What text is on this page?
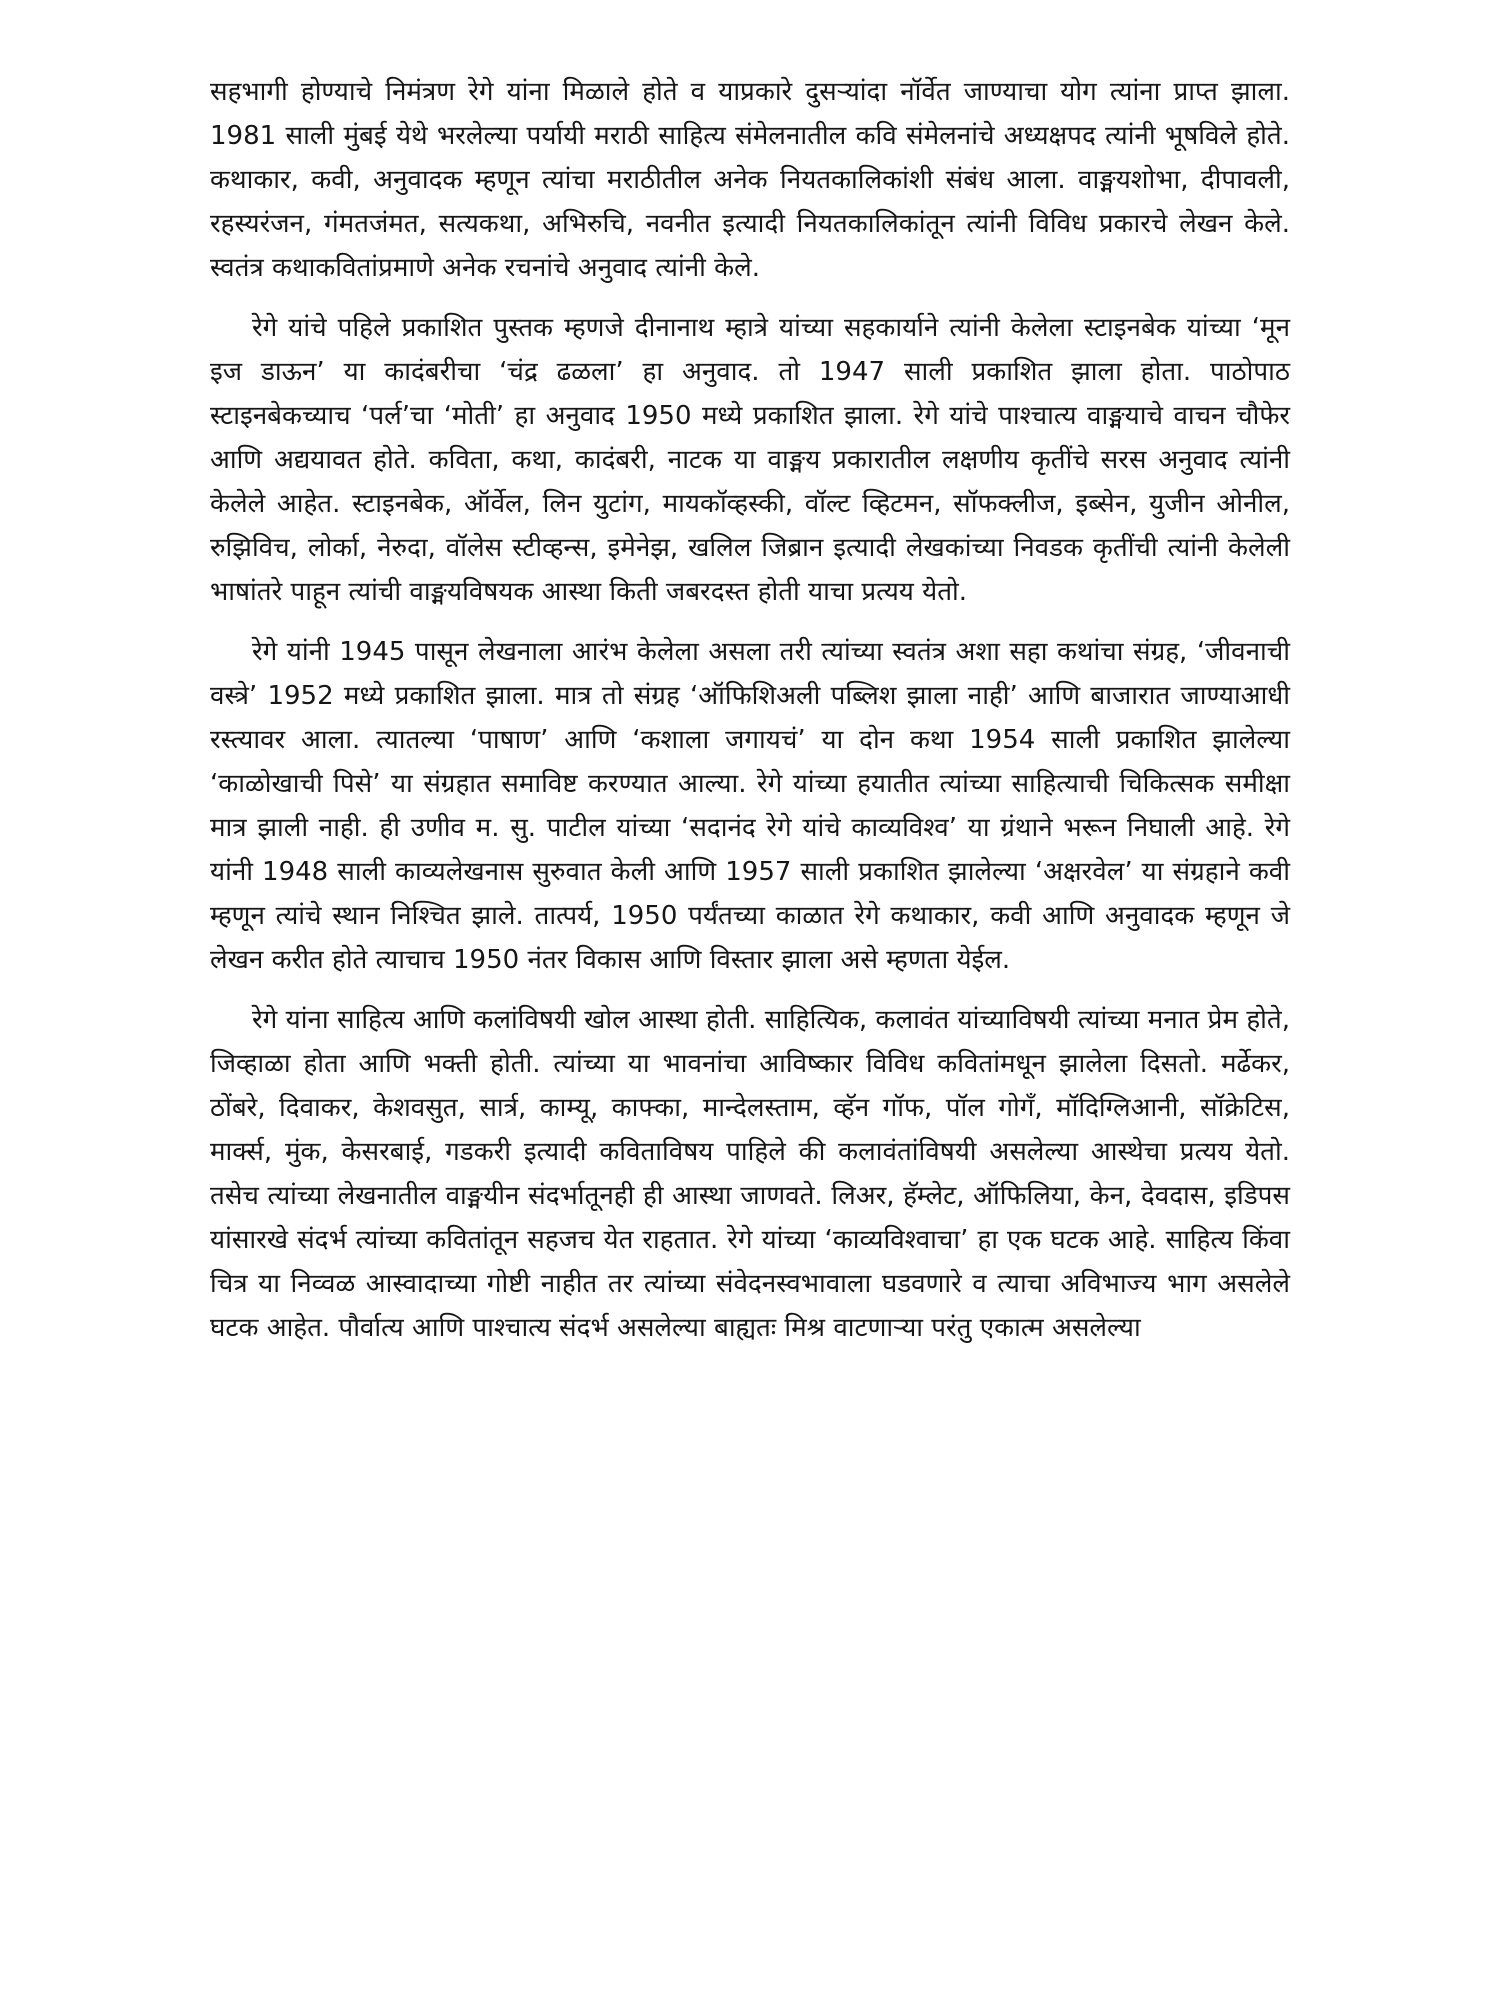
सहभागी होण्याचे निमंत्रण रेगे यांना मिळाले होते व याप्रकारे दुसऱ्यांदा नॉर्वेत जाण्याचा योग त्यांना प्राप्त झाला. 1981 साली मुंबई येथे भरलेल्या पर्यायी मराठी साहित्य संमेलनातील कवि संमेलनांचे अध्यक्षपद त्यांनी भूषविले होते. कथाकार, कवी, अनुवादक म्हणून त्यांचा मराठीतील अनेक नियतकालिकांशी संबंध आला. वाङ्मयशोभा, दीपावली, रहस्यरंजन, गंमतजंमत, सत्यकथा, अभिरुचि, नवनीत इत्यादी नियतकालिकांतून त्यांनी विविध प्रकारचे लेखन केले. स्वतंत्र कथाकवितांप्रमाणे अनेक रचनांचे अनुवाद त्यांनी केले.

रेगे यांचे पहिले प्रकाशित पुस्तक म्हणजे दीनानाथ म्हात्रे यांच्या सहकार्याने त्यांनी केलेला स्टाइनबेक यांच्या ‘मून इज डाऊन’ या कादंबरीचा ‘चंद्र ढळला’ हा अनुवाद. तो 1947 साली प्रकाशित झाला होता. पाठोपाठ स्टाइनबेकच्याच ‘पर्ल’चा ‘मोती’ हा अनुवाद 1950 मध्ये प्रकाशित झाला. रेगे यांचे पाश्चात्य वाङ्मयाचे वाचन चौफेर आणि अद्ययावत होते. कविता, कथा, कादंबरी, नाटक या वाङ्मय प्रकारातील लक्षणीय कृतींचे सरस अनुवाद त्यांनी केलेले आहेत. स्टाइनबेक, ऑर्वेल, लिन युटांग, मायकॉव्हस्की, वॉल्ट व्हिटमन, सॉफक्लीज, इब्सेन, युजीन ओनील, रुझिविच, लोर्का, नेरुदा, वॉलेस स्टीव्हन्स, इमेनेझ, खलिल जिब्रान इत्यादी लेखकांच्या निवडक कृतींची त्यांनी केलेली भाषांतरे पाहून त्यांची वाङ्मयविषयक आस्था किती जबरदस्त होती याचा प्रत्यय येतो.

रेगे यांनी 1945 पासून लेखनाला आरंभ केलेला असला तरी त्यांच्या स्वतंत्र अशा सहा कथांचा संग्रह, ‘जीवनाची वस्त्रे’ 1952 मध्ये प्रकाशित झाला. मात्र तो संग्रह ‘ऑफिशिअली पब्लिश झाला नाही’ आणि बाजारात जाण्याआधी रस्त्यावर आला. त्यातल्या ‘पाषाण’ आणि ‘कशाला जगायचं’ या दोन कथा 1954 साली प्रकाशित झालेल्या ‘काळोखाची पिसे’ या संग्रहात समाविष्ट करण्यात आल्या. रेगे यांच्या हयातीत त्यांच्या साहित्याची चिकित्सक समीक्षा मात्र झाली नाही. ही उणीव म. सु. पाटील यांच्या ‘सदानंद रेगे यांचे काव्यविश्व’ या ग्रंथाने भरून निघाली आहे. रेगे यांनी 1948 साली काव्यलेखनास सुरुवात केली आणि 1957 साली प्रकाशित झालेल्या ‘अक्षरवेल’ या संग्रहाने कवी म्हणून त्यांचे स्थान निश्चित झाले. तात्पर्य, 1950 पर्यंतच्या काळात रेगे कथाकार, कवी आणि अनुवादक म्हणून जे लेखन करीत होते त्याचाच 1950 नंतर विकास आणि विस्तार झाला असे म्हणता येईल.

रेगे यांना साहित्य आणि कलांविषयी खोल आस्था होती. साहित्यिक, कलावंत यांच्याविषयी त्यांच्या मनात प्रेम होते, जिव्हाळा होता आणि भक्ती होती. त्यांच्या या भावनांचा आविष्कार विविध कवितांमधून झालेला दिसतो. मर्ढेकर, ठोंबरे, दिवाकर, केशवसुत, सार्त्र, काम्यू, काफ्का, मान्देलस्ताम, व्हॅन गॉफ, पॉल गोगँ, मॉदिग्लिआनी, सॉक्रेटिस, मार्क्स, मुंक, केसरबाई, गडकरी इत्यादी कविताविषय पाहिले की कलावंतांविषयी असलेल्या आस्थेचा प्रत्यय येतो. तसेच त्यांच्या लेखनातील वाङ्मयीन संदर्भातूनही ही आस्था जाणवते. लिअर, हॅम्लेट, ऑफिलिया, केन, देवदास, इडिपस यांसारखे संदर्भ त्यांच्या कवितांतून सहजच येत राहतात. रेगे यांच्या ‘काव्यविश्वाचा’ हा एक घटक आहे. साहित्य किंवा चित्र या निव्वळ आस्वादाच्या गोष्टी नाहीत तर त्यांच्या संवेदनस्वभावाला घडवणारे व त्याचा अविभाज्य भाग असलेले घटक आहेत. पौर्वात्य आणि पाश्चात्य संदर्भ असलेल्या बाह्यतः मिश्र वाटणाऱ्या परंतु एकात्म असलेल्या
